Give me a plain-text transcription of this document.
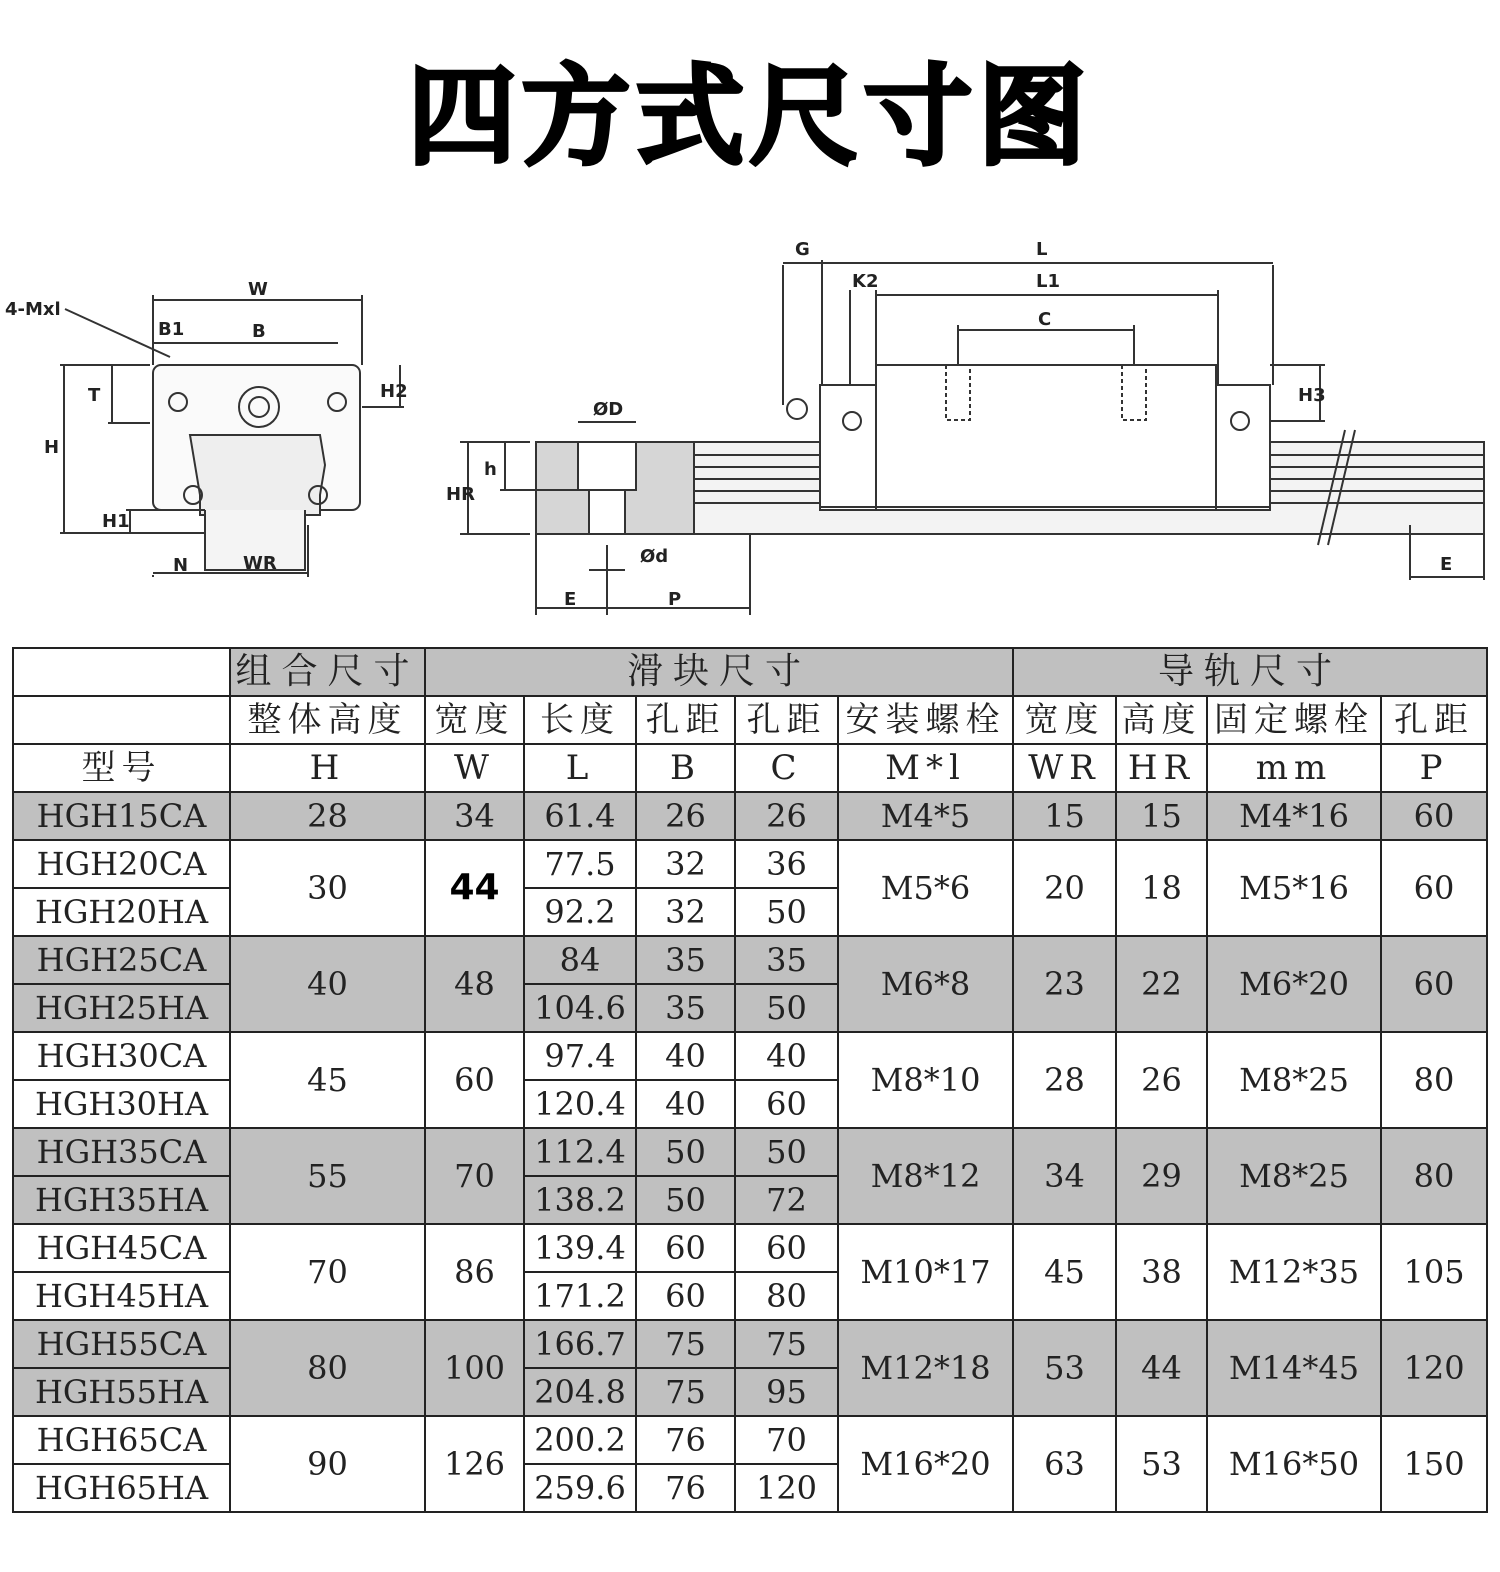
四方式尺寸图
4-Mxl
W
B1	B
H2
T
H
H1
N	WR
ØD
h
HR
Ød
E	P
G	L
K2	L1
C
H3
E
	组合尺寸	滑块尺寸					导轨尺寸			
	整体高度	宽度	长度	孔距	孔距	安装螺栓	宽度	高度	固定螺栓	孔距
型号	H	W	L	B	C	M*l	WR	HR	mm	P
HGH15CA	28	34	61.4	26	26	M4*5	15	15	M4*16	60
HGH20CA	30	44	77.5	32	36	M5*6	20	18	M5*16	60
HGH20HA			92.2	32	50					
HGH25CA	40	48	84	35	35	M6*8	23	22	M6*20	60
HGH25HA			104.6	35	50					
HGH30CA	45	60	97.4	40	40	M8*10	28	26	M8*25	80
HGH30HA			120.4	40	60					
HGH35CA	55	70	112.4	50	50	M8*12	34	29	M8*25	80
HGH35HA			138.2	50	72					
HGH45CA	70	86	139.4	60	60	M10*17	45	38	M12*35	105
HGH45HA			171.2	60	80					
HGH55CA	80	100	166.7	75	75	M12*18	53	44	M14*45	120
HGH55HA			204.8	75	95					
HGH65CA	90	126	200.2	76	70	M16*20	63	53	M16*50	150
HGH65HA			259.6	76	120					
